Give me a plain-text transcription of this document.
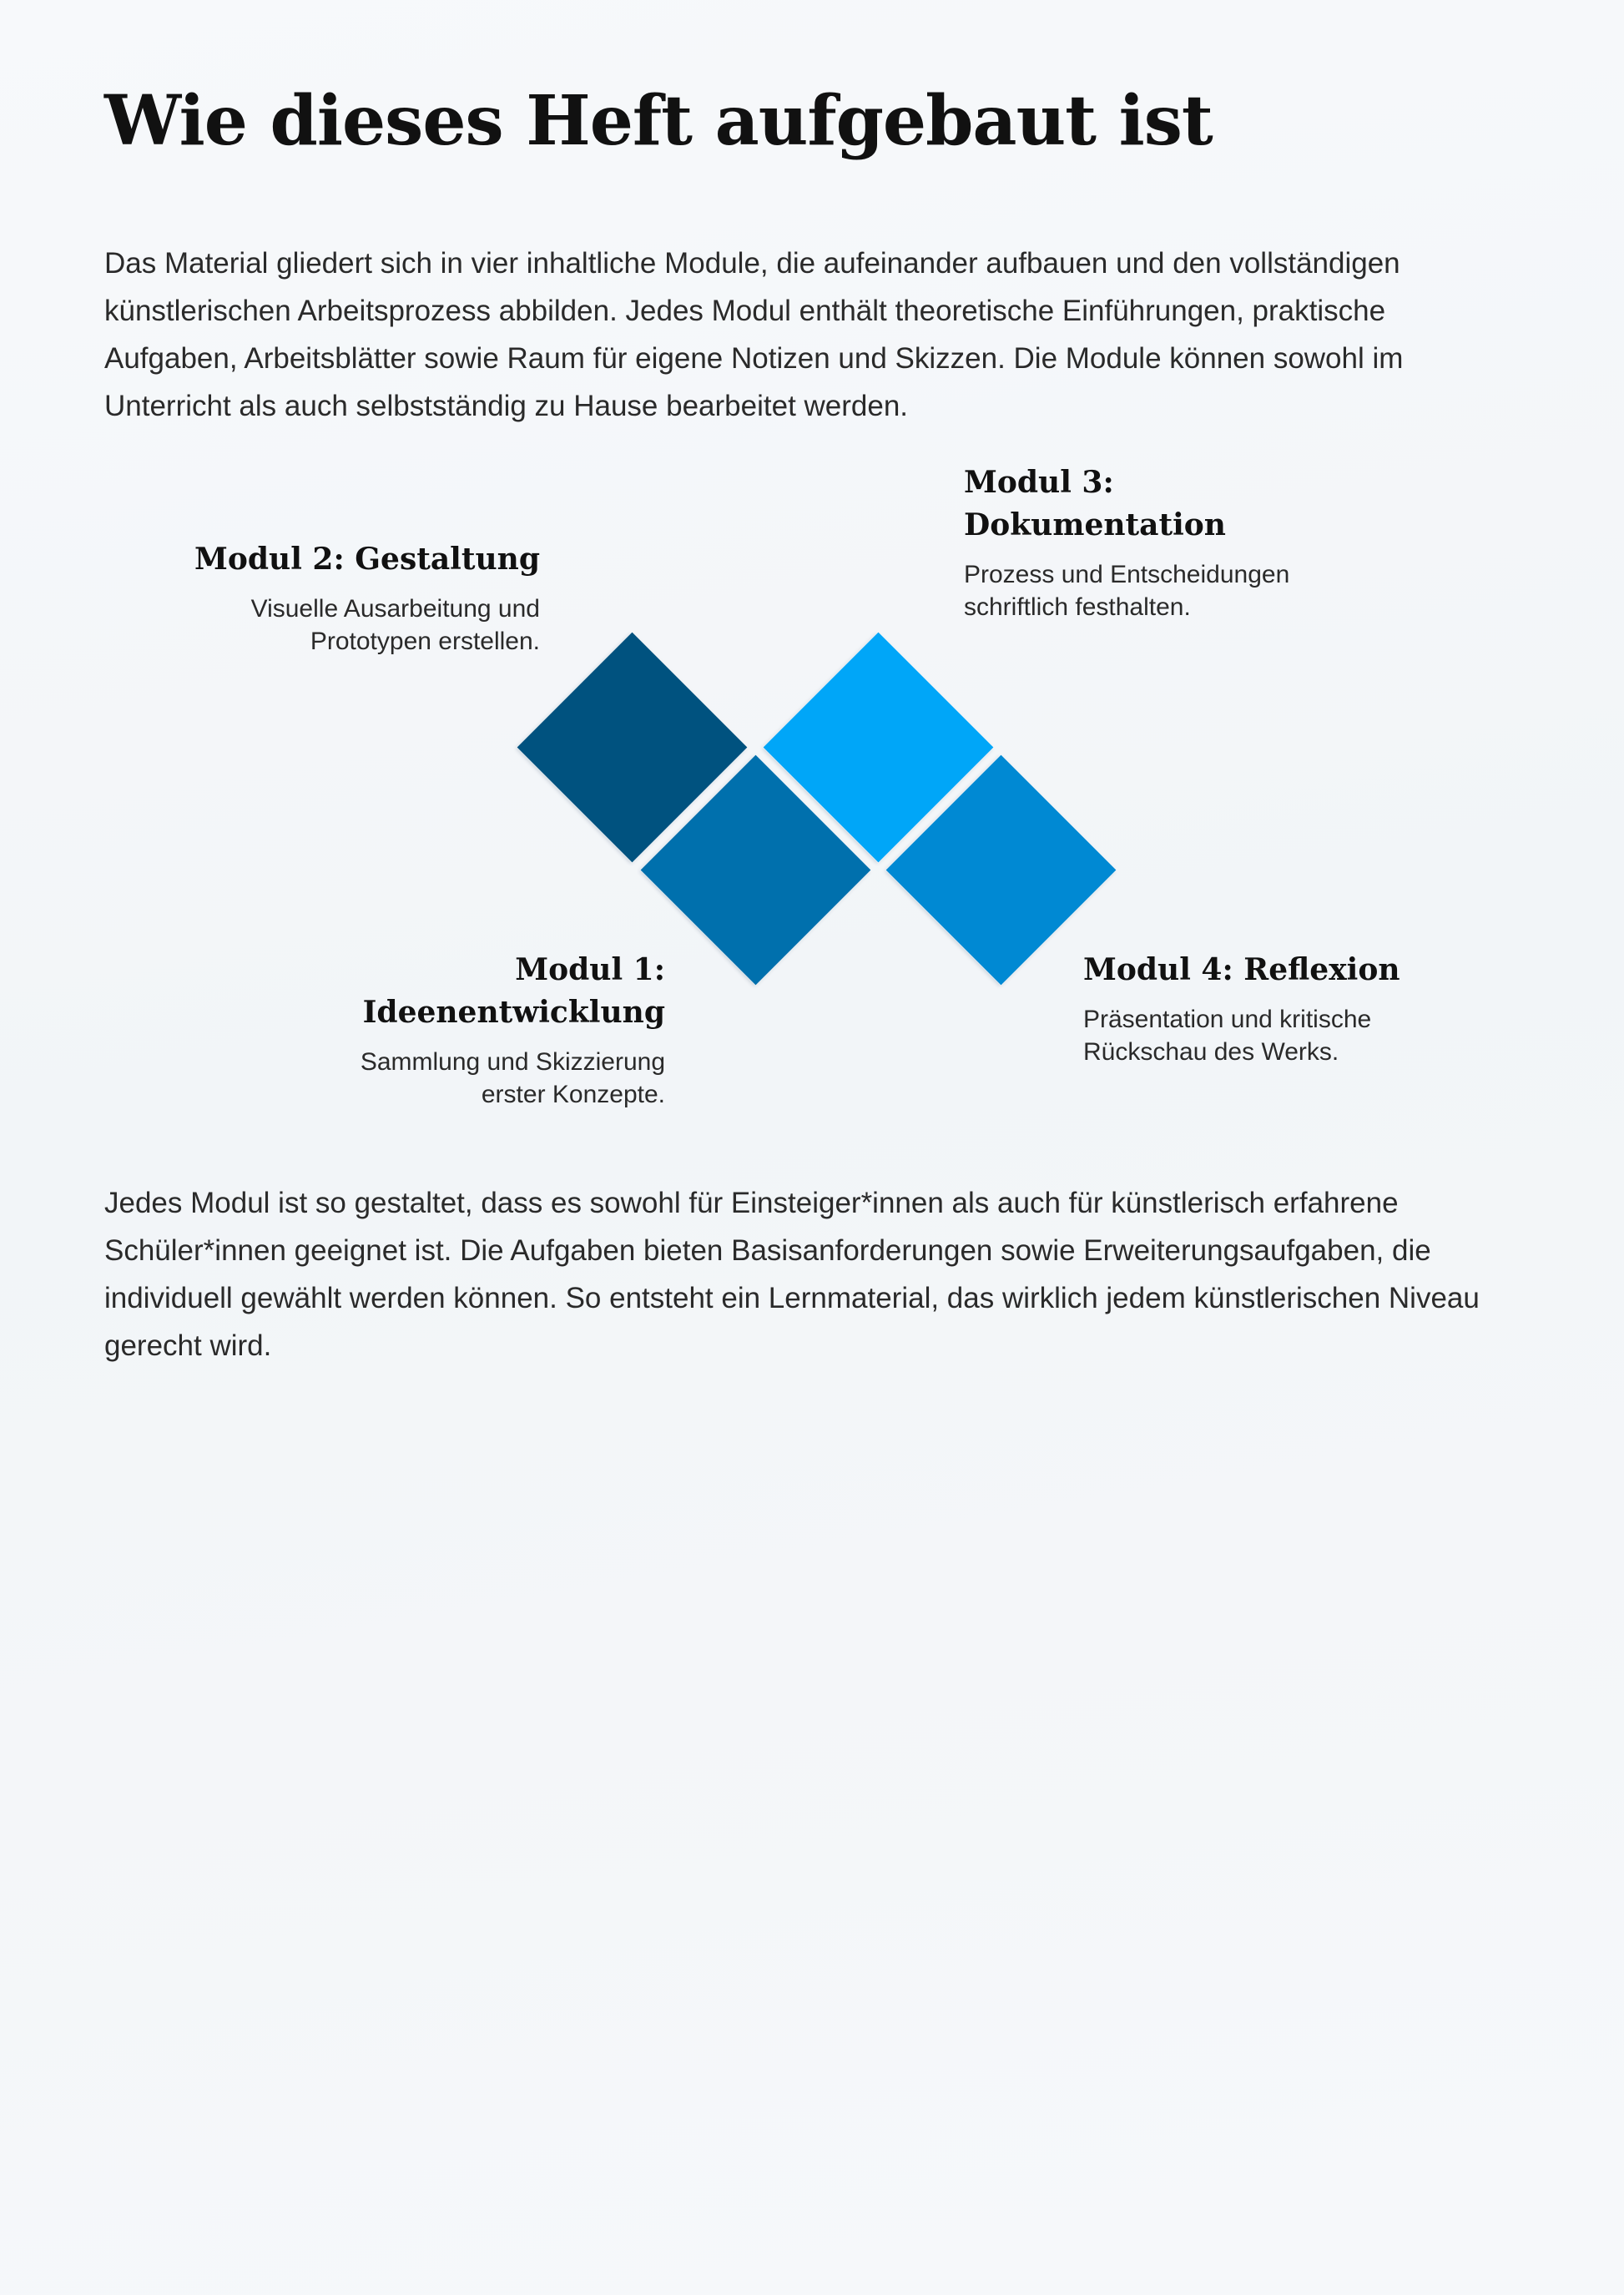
Wie dieses Heft aufgebaut ist

Das Material gliedert sich in vier inhaltliche Module, die aufeinander aufbauen und den vollständigen künstlerischen Arbeitsprozess abbilden. Jedes Modul enthält theoretische Einführungen, praktische Aufgaben, Arbeitsblätter sowie Raum für eigene Notizen und Skizzen. Die Module können sowohl im Unterricht als auch selbstständig zu Hause bearbeitet werden.

Modul 2: Gestaltung

Visuelle Ausarbeitung und Prototypen erstellen.

Modul 3: Dokumentation

Prozess und Entscheidungen schriftlich festhalten.

Modul 1: Ideenentwicklung

Sammlung und Skizzierung erster Konzepte.

Modul 4: Reflexion

Präsentation und kritische Rückschau des Werks.

Jedes Modul ist so gestaltet, dass es sowohl für Einsteiger*innen als auch für künstlerisch erfahrene Schüler*innen geeignet ist. Die Aufgaben bieten Basisanforderungen sowie Erweiterungsaufgaben, die individuell gewählt werden können. So entsteht ein Lernmaterial, das wirklich jedem künstlerischen Niveau gerecht wird.
